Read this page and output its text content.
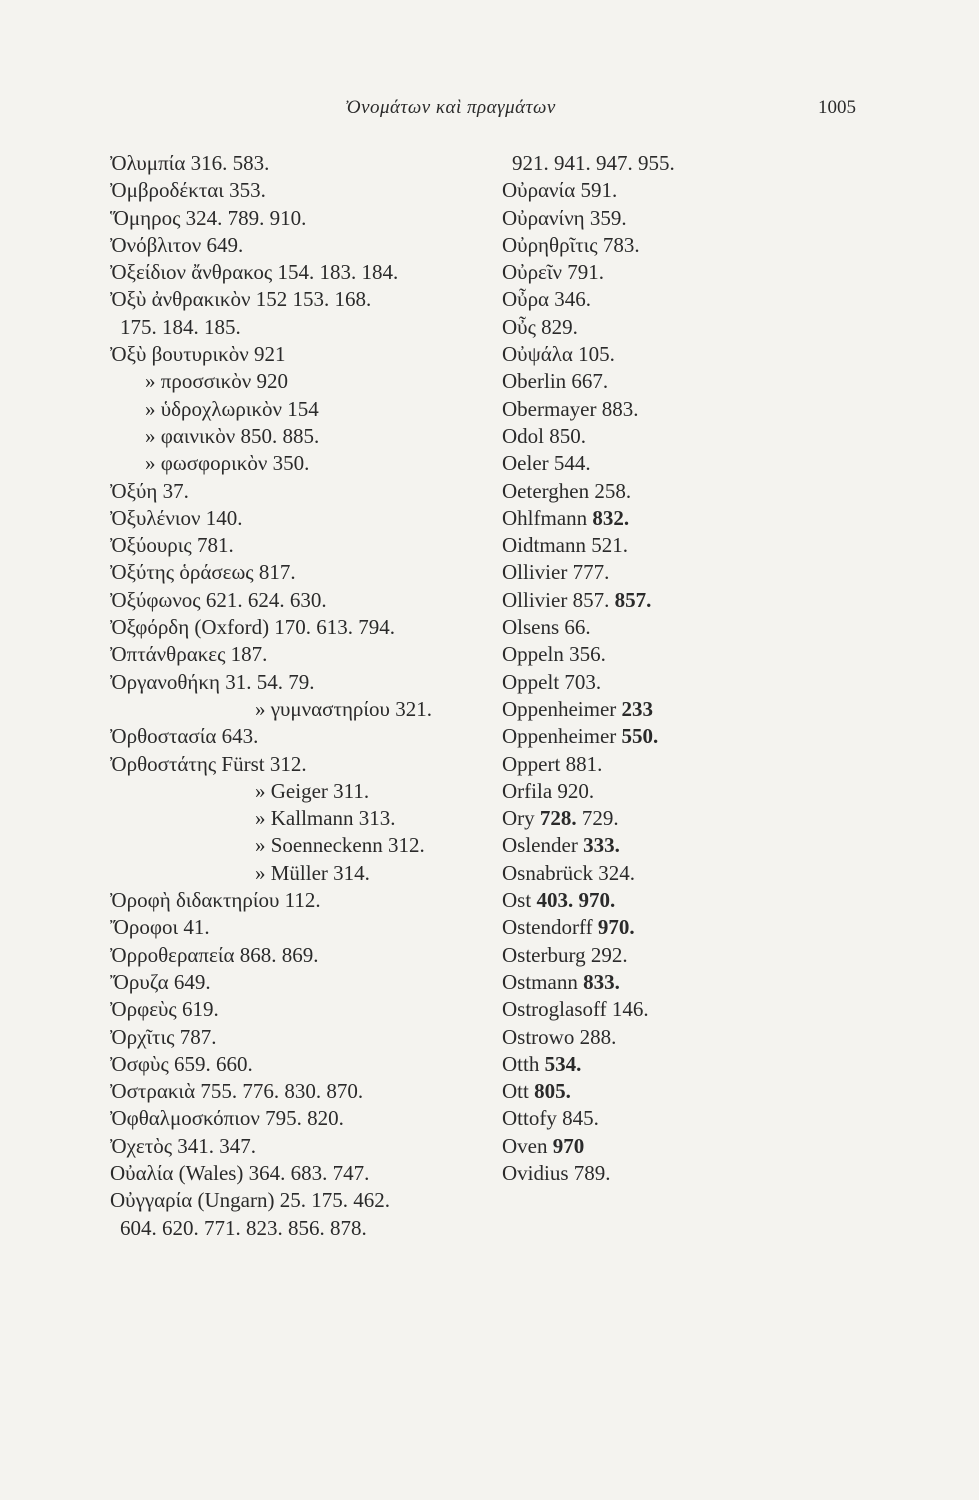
Ὀνομάτων καὶ πραγμάτων	1005
Ὀλυμπία 316. 583.
Ὀμβροδέκται 353.
Ὅμηρος 324. 789. 910.
Ὀνόβλιτον 649.
Ὀξείδιον ἄνθρακος 154. 183. 184.
Ὀξὺ ἀνθρακικὸν 152 153. 168.
175. 184. 185.
Ὀξὺ βουτυρικὸν 921
» προσσικὸν 920
» ὑδροχλωρικὸν 154
» φαινικὸν 850. 885.
» φωσφορικὸν 350.
Ὀξύη 37.
Ὀξυλένιον 140.
Ὀξύουρις 781.
Ὀξύτης ὁράσεως 817.
Ὀξύφωνος 621. 624. 630.
Ὀξφόρδη (Oxford) 170. 613. 794.
Ὀπτάνθρακες 187.
Ὀργανοθήκη 31. 54. 79.
» γυμναστηρίου 321.
Ὀρθοστασία 643.
Ὀρθοστάτης Fürst 312.
» Geiger 311.
» Kallmann 313.
» Soenneckenn 312.
» Müller 314.
Ὀροφὴ διδακτηρίου 112.
Ὄροφοι 41.
Ὀρροθεραπεία 868. 869.
Ὄρυζα 649.
Ὀρφεὺς 619.
Ὀρχῖτις 787.
Ὀσφὺς 659. 660.
Ὀστρακιὰ 755. 776. 830. 870.
Ὀφθαλμοσκόπιον 795. 820.
Ὀχετὸς 341. 347.
Οὐαλία (Wales) 364. 683. 747.
Οὐγγαρία (Ungarn) 25. 175. 462.
604. 620. 771. 823. 856. 878.
921. 941. 947. 955.
Οὐρανία 591.
Οὐρανίνη 359.
Οὐρηθρῖτις 783.
Οὐρεῖν 791.
Οὖρα 346.
Οὖς 829.
Οὐψάλα 105.
Oberlin 667.
Obermayer 883.
Odol 850.
Oeler 544.
Oeterghen 258.
Ohlfmann 832.
Oidtmann 521.
Ollivier 777.
Ollivier 857. 857.
Olsens 66.
Oppeln 356.
Oppelt 703.
Oppenheimer 233
Oppenheimer 550.
Oppert 881.
Orfila 920.
Ory 728. 729.
Oslender 333.
Osnabrück 324.
Ost 403. 970.
Ostendorff 970.
Osterburg 292.
Ostmann 833.
Ostroglasoff 146.
Ostrowo 288.
Otth 534.
Ott 805.
Ottofy 845.
Oven 970
Ovidius 789.
